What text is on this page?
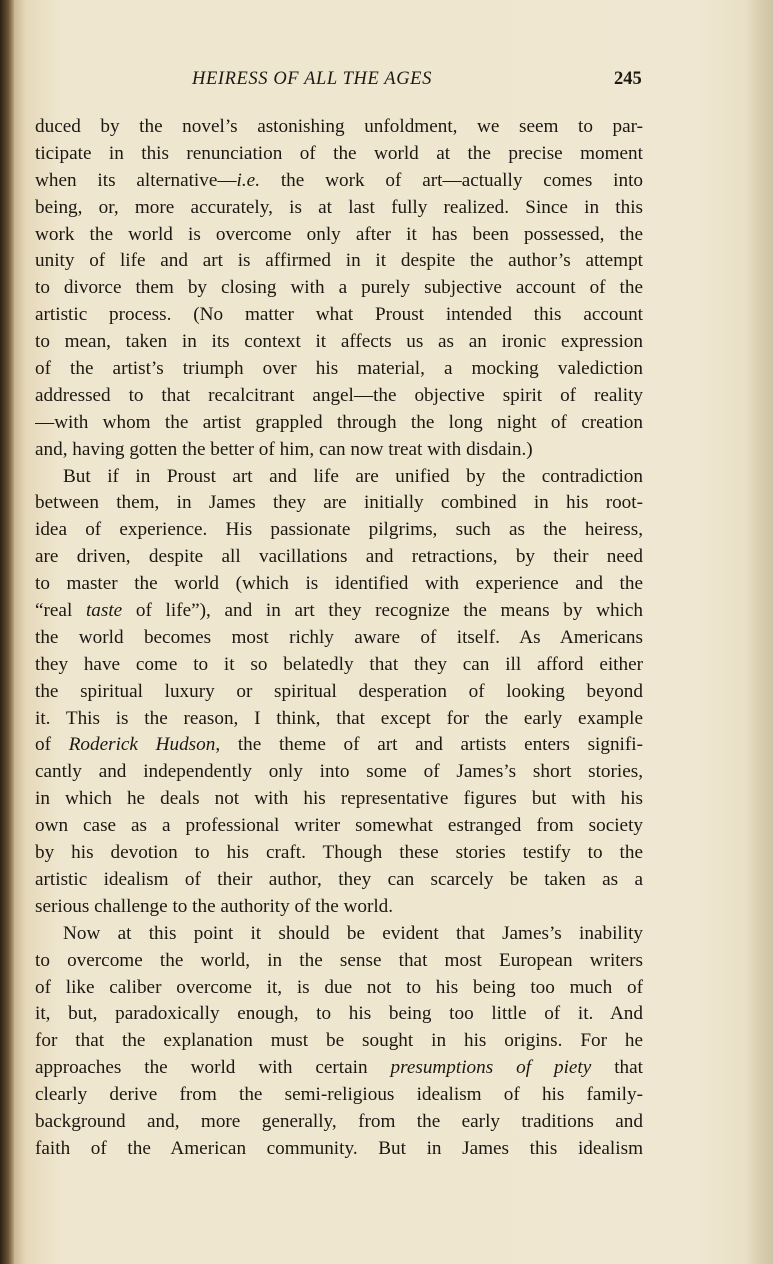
HEIRESS OF ALL THE AGES	245
duced by the novel’s astonishing unfoldment, we seem to par-
ticipate in this renunciation of the world at the precise moment
when its alternative—i.e. the work of art—actually comes into
being, or, more accurately, is at last fully realized. Since in this
work the world is overcome only after it has been possessed, the
unity of life and art is affirmed in it despite the author’s attempt
to divorce them by closing with a purely subjective account of the
artistic process. (No matter what Proust intended this account
to mean, taken in its context it affects us as an ironic expression
of the artist’s triumph over his material, a mocking valediction
addressed to that recalcitrant angel—the objective spirit of reality
—with whom the artist grappled through the long night of creation
and, having gotten the better of him, can now treat with disdain.)
But if in Proust art and life are unified by the contradiction
between them, in James they are initially combined in his root-
idea of experience. His passionate pilgrims, such as the heiress,
are driven, despite all vacillations and retractions, by their need
to master the world (which is identified with experience and the
“real taste of life”), and in art they recognize the means by which
the world becomes most richly aware of itself. As Americans
they have come to it so belatedly that they can ill afford either
the spiritual luxury or spiritual desperation of looking beyond
it. This is the reason, I think, that except for the early example
of Roderick Hudson, the theme of art and artists enters signifi-
cantly and independently only into some of James’s short stories,
in which he deals not with his representative figures but with his
own case as a professional writer somewhat estranged from society
by his devotion to his craft. Though these stories testify to the
artistic idealism of their author, they can scarcely be taken as a
serious challenge to the authority of the world.
Now at this point it should be evident that James’s inability
to overcome the world, in the sense that most European writers
of like caliber overcome it, is due not to his being too much of
it, but, paradoxically enough, to his being too little of it. And
for that the explanation must be sought in his origins. For he
approaches the world with certain presumptions of piety that
clearly derive from the semi-religious idealism of his family-
background and, more generally, from the early traditions and
faith of the American community. But in James this idealism
